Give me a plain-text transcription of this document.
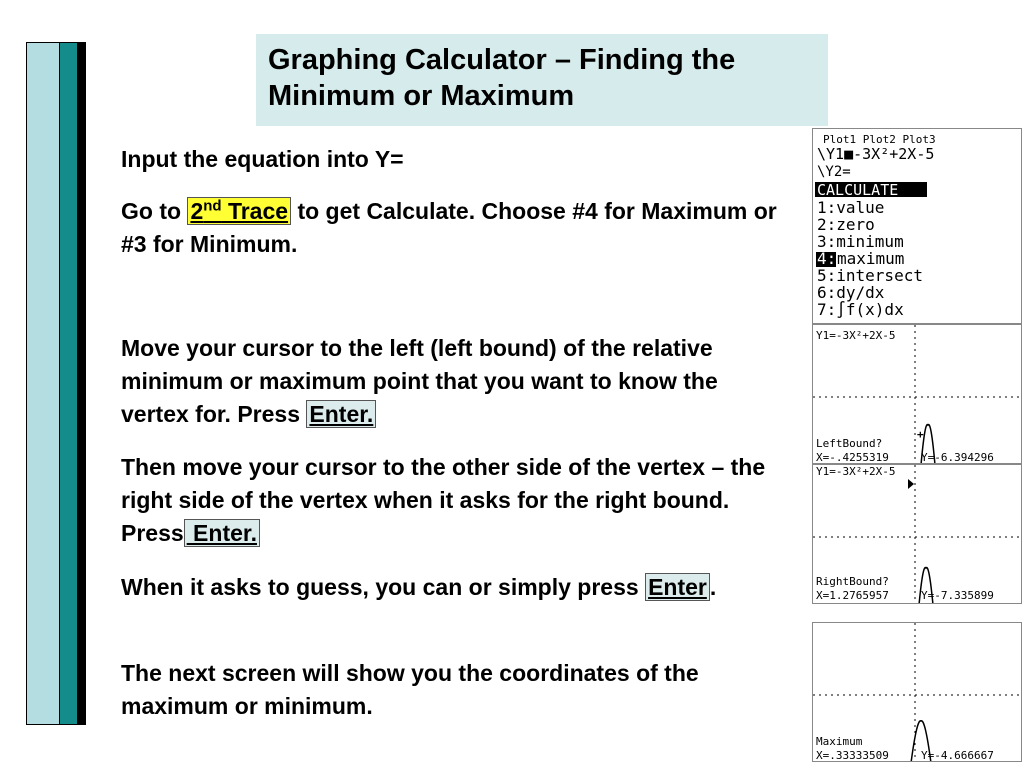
Graphing Calculator – Finding the Minimum or Maximum

Input the equation into Y=

Go to 2nd Trace to get Calculate. Choose #4 for Maximum or #3 for Minimum.

Move your cursor to the left (left bound) of the relative minimum or maximum point that you want to know the vertex for. Press Enter.

Then move your cursor to the other side of the vertex – the right side of the vertex when it asks for the right bound. Press Enter.

When it asks to guess, you can or simply press Enter .

The next screen will show you the coordinates of the maximum or minimum.

Plot1 Plot2 Plot3
\Y1■-3X²+2X-5
\Y2=
CALCULATE
1:value
2:zero
3:minimum
4: maximum
5:intersect
6:dy/dx
7:∫f(x)dx
+
Y1=-3X²+2X-5
LeftBound?
X=-.4255319	Y=-6.394296
Y1=-3X²+2X-5
RightBound?
X=1.2765957	Y=-7.335899
Maximum
X=.33333509	Y=-4.666667
